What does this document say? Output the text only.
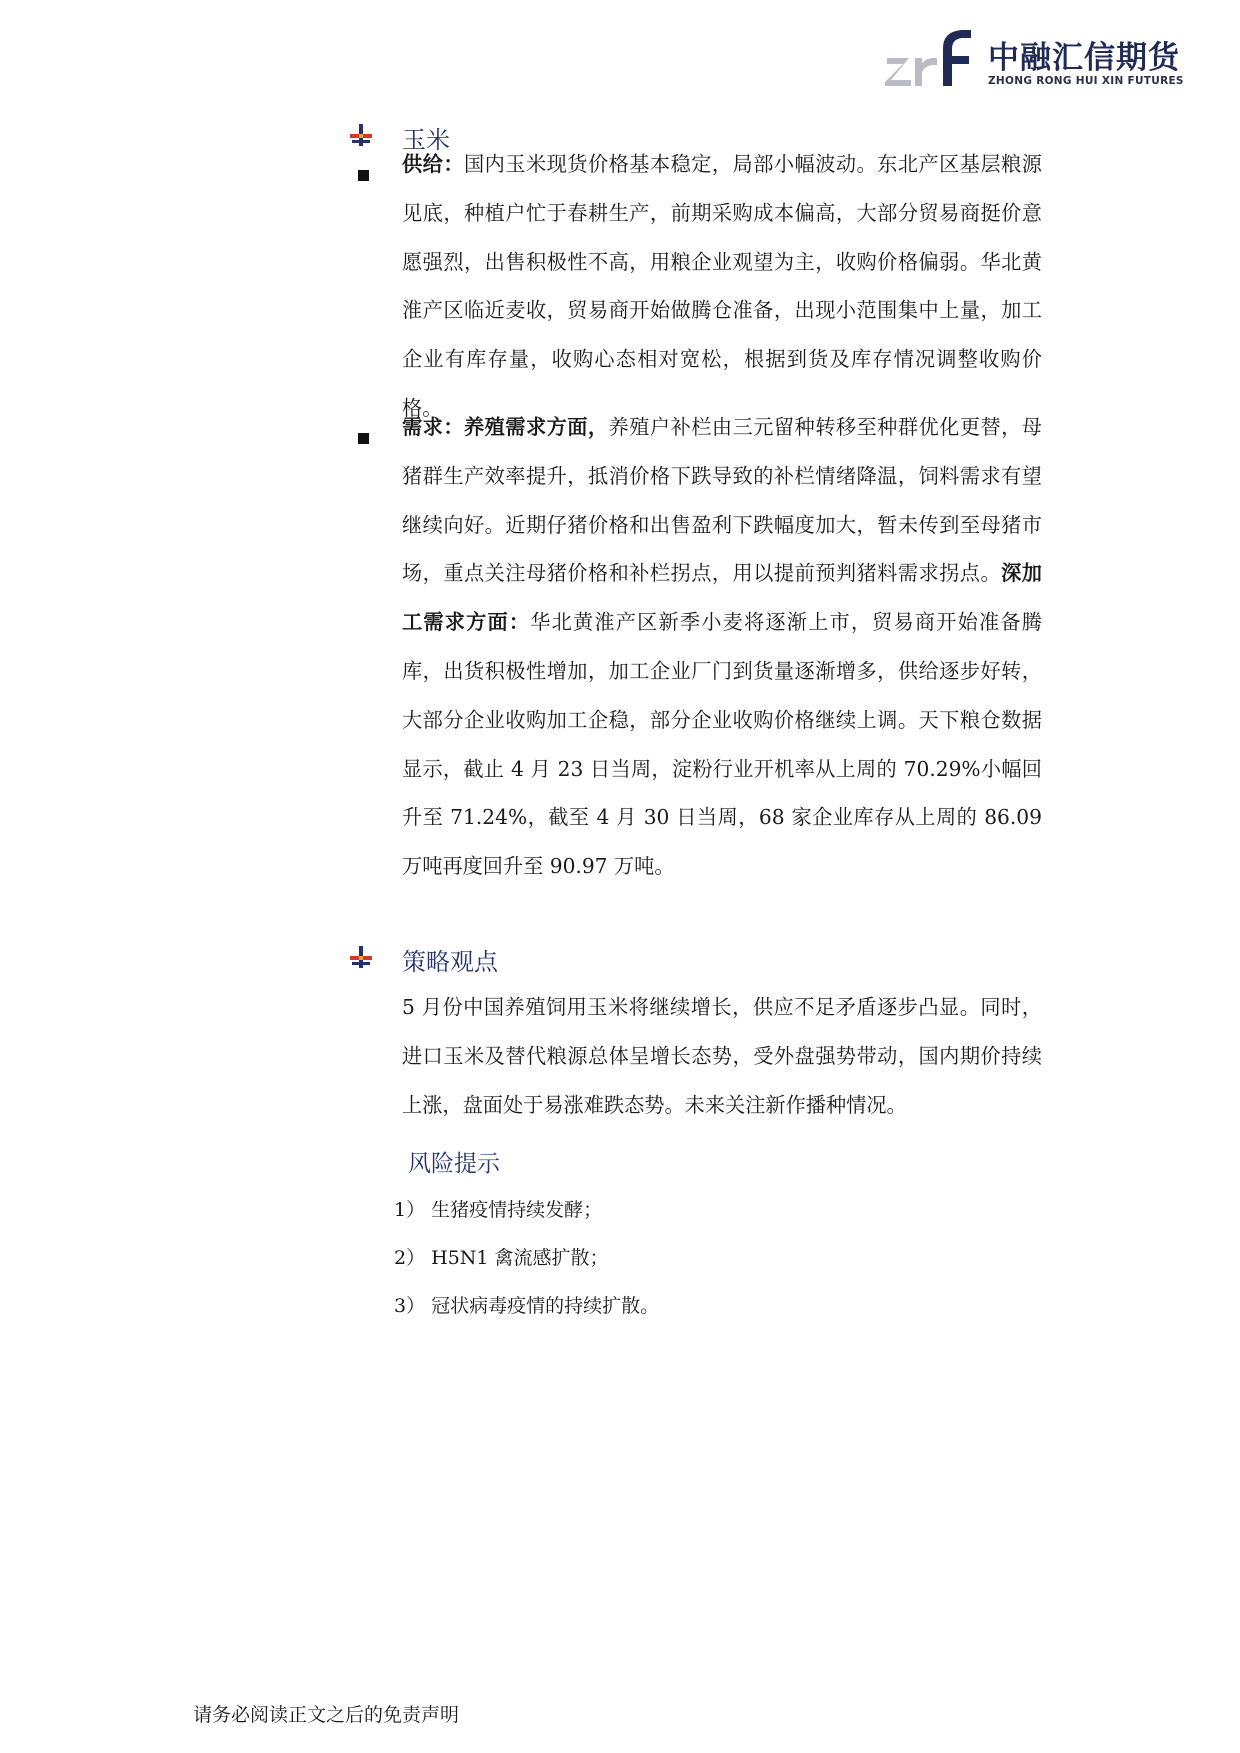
中融汇信期货
ZHONG RONG HUI XIN FUTURES
玉米
供给：国内玉米现货价格基本稳定，局部小幅波动。东北产区基层粮源见底，种植户忙于春耕生产，前期采购成本偏高，大部分贸易商挺价意愿强烈，出售积极性不高，用粮企业观望为主，收购价格偏弱。华北黄淮产区临近麦收，贸易商开始做腾仓准备，出现小范围集中上量，加工企业有库存量，收购心态相对宽松，根据到货及库存情况调整收购价格。
需求：养殖需求方面，养殖户补栏由三元留种转移至种群优化更替，母猪群生产效率提升，抵消价格下跌导致的补栏情绪降温，饲料需求有望继续向好。近期仔猪价格和出售盈利下跌幅度加大，暂未传到至母猪市场，重点关注母猪价格和补栏拐点，用以提前预判猪料需求拐点。深加工需求方面：华北黄淮产区新季小麦将逐渐上市，贸易商开始准备腾库，出货积极性增加，加工企业厂门到货量逐渐增多，供给逐步好转，大部分企业收购加工企稳，部分企业收购价格继续上调。天下粮仓数据显示，截止 4 月 23 日当周，淀粉行业开机率从上周的 70.29%小幅回升至 71.24%，截至 4 月 30 日当周，68 家企业库存从上周的 86.09 万吨再度回升至 90.97 万吨。
策略观点
5 月份中国养殖饲用玉米将继续增长，供应不足矛盾逐步凸显。同时，进口玉米及替代粮源总体呈增长态势，受外盘强势带动，国内期价持续上涨，盘面处于易涨难跌态势。未来关注新作播种情况。
风险提示
1） 生猪疫情持续发酵；
2） H5N1 禽流感扩散；
3） 冠状病毒疫情的持续扩散。
请务必阅读正文之后的免责声明
